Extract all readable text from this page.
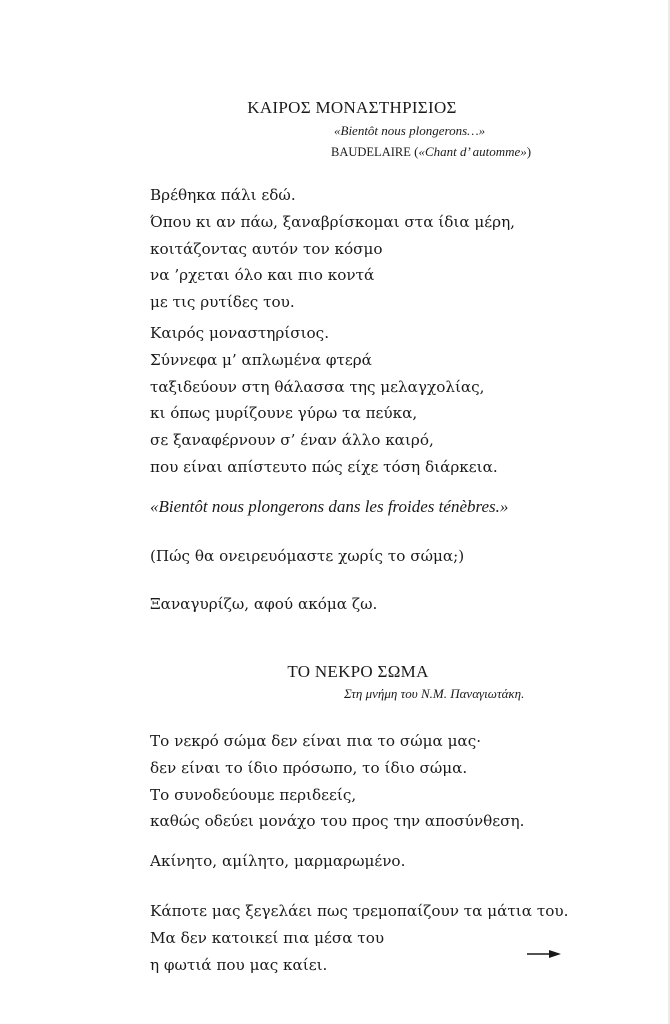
ΚΑΙΡΟΣ ΜΟΝΑΣΤΗΡΙΣΙΟΣ
«Bientôt nous plongerons…»
BAUDELAIRE («Chant d’ automme»)
Βρέθηκα πάλι εδώ.
Όπου κι αν πάω, ξαναβρίσκομαι στα ίδια μέρη,
κοιτάζοντας αυτόν τον κόσμο
να ’ρχεται όλο και πιο κοντά
με τις ρυτίδες του.
Καιρός μοναστηρίσιος.
Σύννεφα μ’ απλωμένα φτερά
ταξιδεύουν στη θάλασσα της μελαγχολίας,
κι όπως μυρίζουνε γύρω τα πεύκα,
σε ξαναφέρνουν σ’ έναν άλλο καιρό,
που είναι απίστευτο πώς είχε τόση διάρκεια.
«Bientôt nous plongerons dans les froides ténèbres.»
(Πώς θα ονειρευόμαστε χωρίς το σώμα;)
Ξαναγυρίζω, αφού ακόμα ζω.
ΤΟ ΝΕΚΡΟ ΣΩΜΑ
Στη μνήμη του Ν.Μ. Παναγιωτάκη.
Το νεκρό σώμα δεν είναι πια το σώμα μας·
δεν είναι το ίδιο πρόσωπο, το ίδιο σώμα.
Το συνοδεύουμε περιδεείς,
καθώς οδεύει μονάχο του προς την αποσύνθεση.
Ακίνητο, αμίλητο, μαρμαρωμένο.
Κάποτε μας ξεγελάει πως τρεμοπαίζουν τα μάτια του.
Μα δεν κατοικεί πια μέσα του
η φωτιά που μας καίει.
